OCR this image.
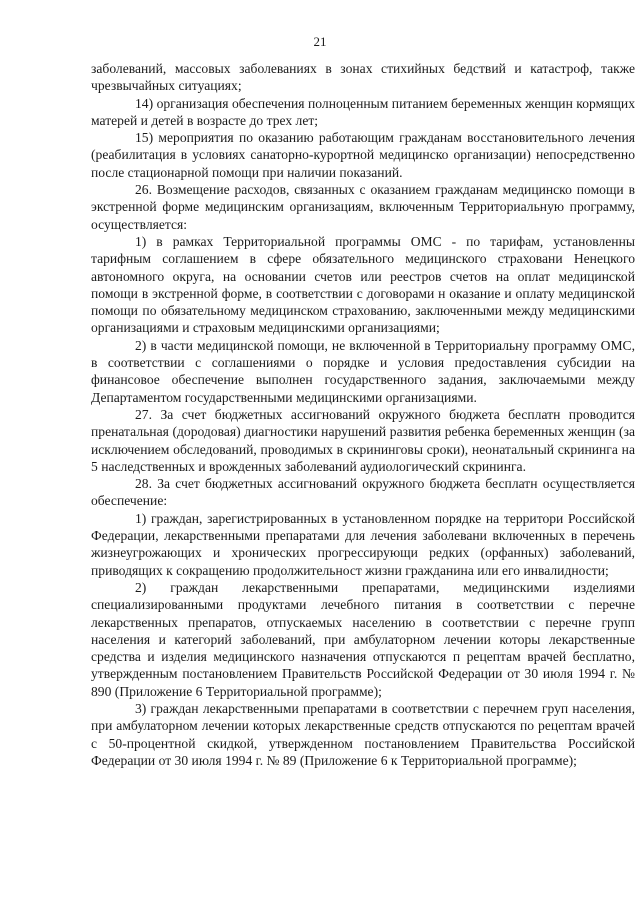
21

заболеваний, массовых заболеваниях в зонах стихийных бедствий и катастроф, также чрезвычайных ситуациях;

14) организация обеспечения полноценным питанием беременных женщин кормящих матерей и детей в возрасте до трех лет;

15) мероприятия по оказанию работающим гражданам восстановительного лечения (реабилитация в условиях санаторно-курортной медицинско организации) непосредственно после стационарной помощи при наличии показаний.

26. Возмещение расходов, связанных с оказанием гражданам медицинско помощи в экстренной форме медицинским организациям, включенным Территориальную программу, осуществляется:

1) в рамках Территориальной программы ОМС - по тарифам, установленны тарифным соглашением в сфере обязательного медицинского страховани Ненецкого автономного округа, на основании счетов или реестров счетов на оплат медицинской помощи в экстренной форме, в соответствии с договорами н оказание и оплату медицинской помощи по обязательному медицинском страхованию, заключенными между медицинскими организациями и страховым медицинскими организациями;

2) в части медицинской помощи, не включенной в Территориальну программу ОМС, в соответствии с соглашениями о порядке и условия предоставления субсидии на финансовое обеспечение выполнен государственного задания, заключаемыми между Департаментом государственными медицинскими организациями.

27. За счет бюджетных ассигнований окружного бюджета бесплатн проводится пренатальная (дородовая) диагностики нарушений развития ребенка беременных женщин (за исключением обследований, проводимых в скрининговы сроки), неонатальный скрининга на 5 наследственных и врожденных заболеваний аудиологический скрининга.

28. За счет бюджетных ассигнований окружного бюджета бесплатн осуществляется обеспечение:

1) граждан, зарегистрированных в установленном порядке на территори Российской Федерации, лекарственными препаратами для лечения заболевани включенных в перечень жизнеугрожающих и хронических прогрессирующи редких (орфанных) заболеваний, приводящих к сокращению продолжительност жизни гражданина или его инвалидности;

2) граждан лекарственными препаратами, медицинскими изделиями специализированными продуктами лечебного питания в соответствии с перечне лекарственных препаратов, отпускаемых населению в соответствии с перечне групп населения и категорий заболеваний, при амбулаторном лечении которы лекарственные средства и изделия медицинского назначения отпускаются п рецептам врачей бесплатно, утвержденным постановлением Правительств Российской Федерации от 30 июля 1994 г. № 890 (Приложение 6 Территориальной программе);

3) граждан лекарственными препаратами в соответствии с перечнем груп населения, при амбулаторном лечении которых лекарственные средств отпускаются по рецептам врачей с 50-процентной скидкой, утвержденном постановлением Правительства Российской Федерации от 30 июля 1994 г. № 89 (Приложение 6 к Территориальной программе);
